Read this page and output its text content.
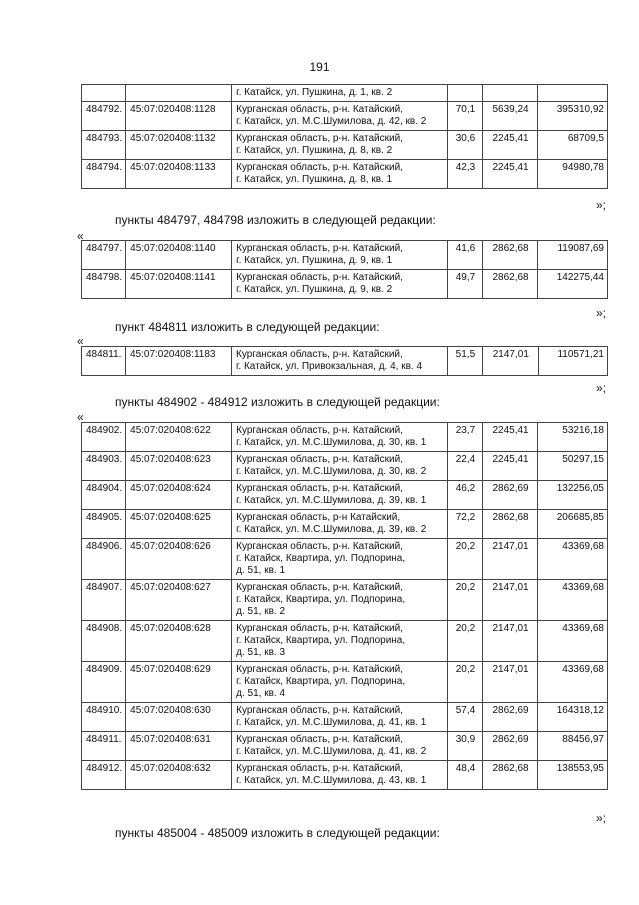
191

		г. Катайск, ул. Пушкина, д. 1, кв. 2			

484792.	45:07:020408:1128	Курганская область, р-н. Катайский,
г. Катайск, ул. М.С.Шумилова, д. 42, кв. 2	70,1	5639,24	395310,92
484793.	45:07:020408:1132	Курганская область, р-н. Катайский,
г. Катайск, ул. Пушкина, д. 8, кв. 2	30,6	2245,41	68709,5
484794.	45:07:020408:1133	Курганская область, р-н. Катайский,
г. Катайск, ул. Пушкина, д. 8, кв. 1	42,3	2245,41	94980,78
»;
пункты 484797, 484798 изложить в следующей редакции:
«
484797.	45:07:020408:1140	Курганская область, р-н. Катайский,
г. Катайск, ул. Пушкина, д. 9, кв. 1	41,6	2862,68	119087,69
484798.	45:07:020408:1141	Курганская область, р-н. Катайский,
г. Катайск, ул. Пушкина, д. 9, кв. 2	49,7	2862,68	142275,44
»;
пункт 484811 изложить в следующей редакции:
«
484811.	45:07:020408:1183	Курганская область, р-н. Катайский,
г. Катайск, ул. Привокзальная, д. 4, кв. 4
	51,5	2147,01	110571,21
»;
пункты 484902 - 484912 изложить в следующей редакции:
«
484902.	45:07:020408:622	Курганская область, р-н. Катайский,
г. Катайск, ул. М.С.Шумилова, д. 30, кв. 1	23,7	2245,41	53216,18
484903.	45:07:020408:623	Курганская область, р-н. Катайский,
г. Катайск, ул. М.С.Шумилова, д. 30, кв. 2	22,4	2245,41	50297,15
484904.	45:07:020408:624	Курганская область, р-н. Катайский,
г. Катайск, ул. М.С.Шумилова, д. 39, кв. 1	46,2	2862,69	132256,05
484905.	45:07:020408:625	Курганская область, р-н Катайский,
г. Катайск, ул. М.С.Шумилова, д. 39, кв. 2	72,2	2862,68	206685,85
484906.	45:07:020408:626	Курганская область, р-н. Катайский,
г. Катайск, Квартира, ул. Подпорина,
д. 51, кв. 1	20,2	2147,01	43369,68
484907.	45:07:020408:627	Курганская область, р-н. Катайский,
г. Катайск, Квартира, ул. Подпорина,
д. 51, кв. 2	20,2	2147,01	43369,68
484908.	45:07:020408:628	Курганская область, р-н. Катайский,
г. Катайск, Квартира, ул. Подпорина,
д. 51, кв. 3	20,2	2147,01	43369,68
484909.	45:07:020408:629	Курганская область, р-н. Катайский,
г. Катайск, Квартира, ул. Подпорина,
д. 51, кв. 4	20,2	2147,01	43369,68
484910.	45:07:020408:630	Курганская область, р-н. Катайский,
г. Катайск, ул. М.С.Шумилова, д. 41, кв. 1	57,4	2862,69	164318,12
484911.	45:07:020408:631	Курганская область, р-н. Катайский,
г. Катайск, ул. М.С.Шумилова, д. 41, кв. 2	30,9	2862,69	88456,97
484912.	45:07:020408:632	Курганская область, р-н. Катайский,
г. Катайск, ул. М.С.Шумилова, д. 43, кв. 1	48,4	2862,68	138553,95
»;
пункты 485004 - 485009 изложить в следующей редакции:
